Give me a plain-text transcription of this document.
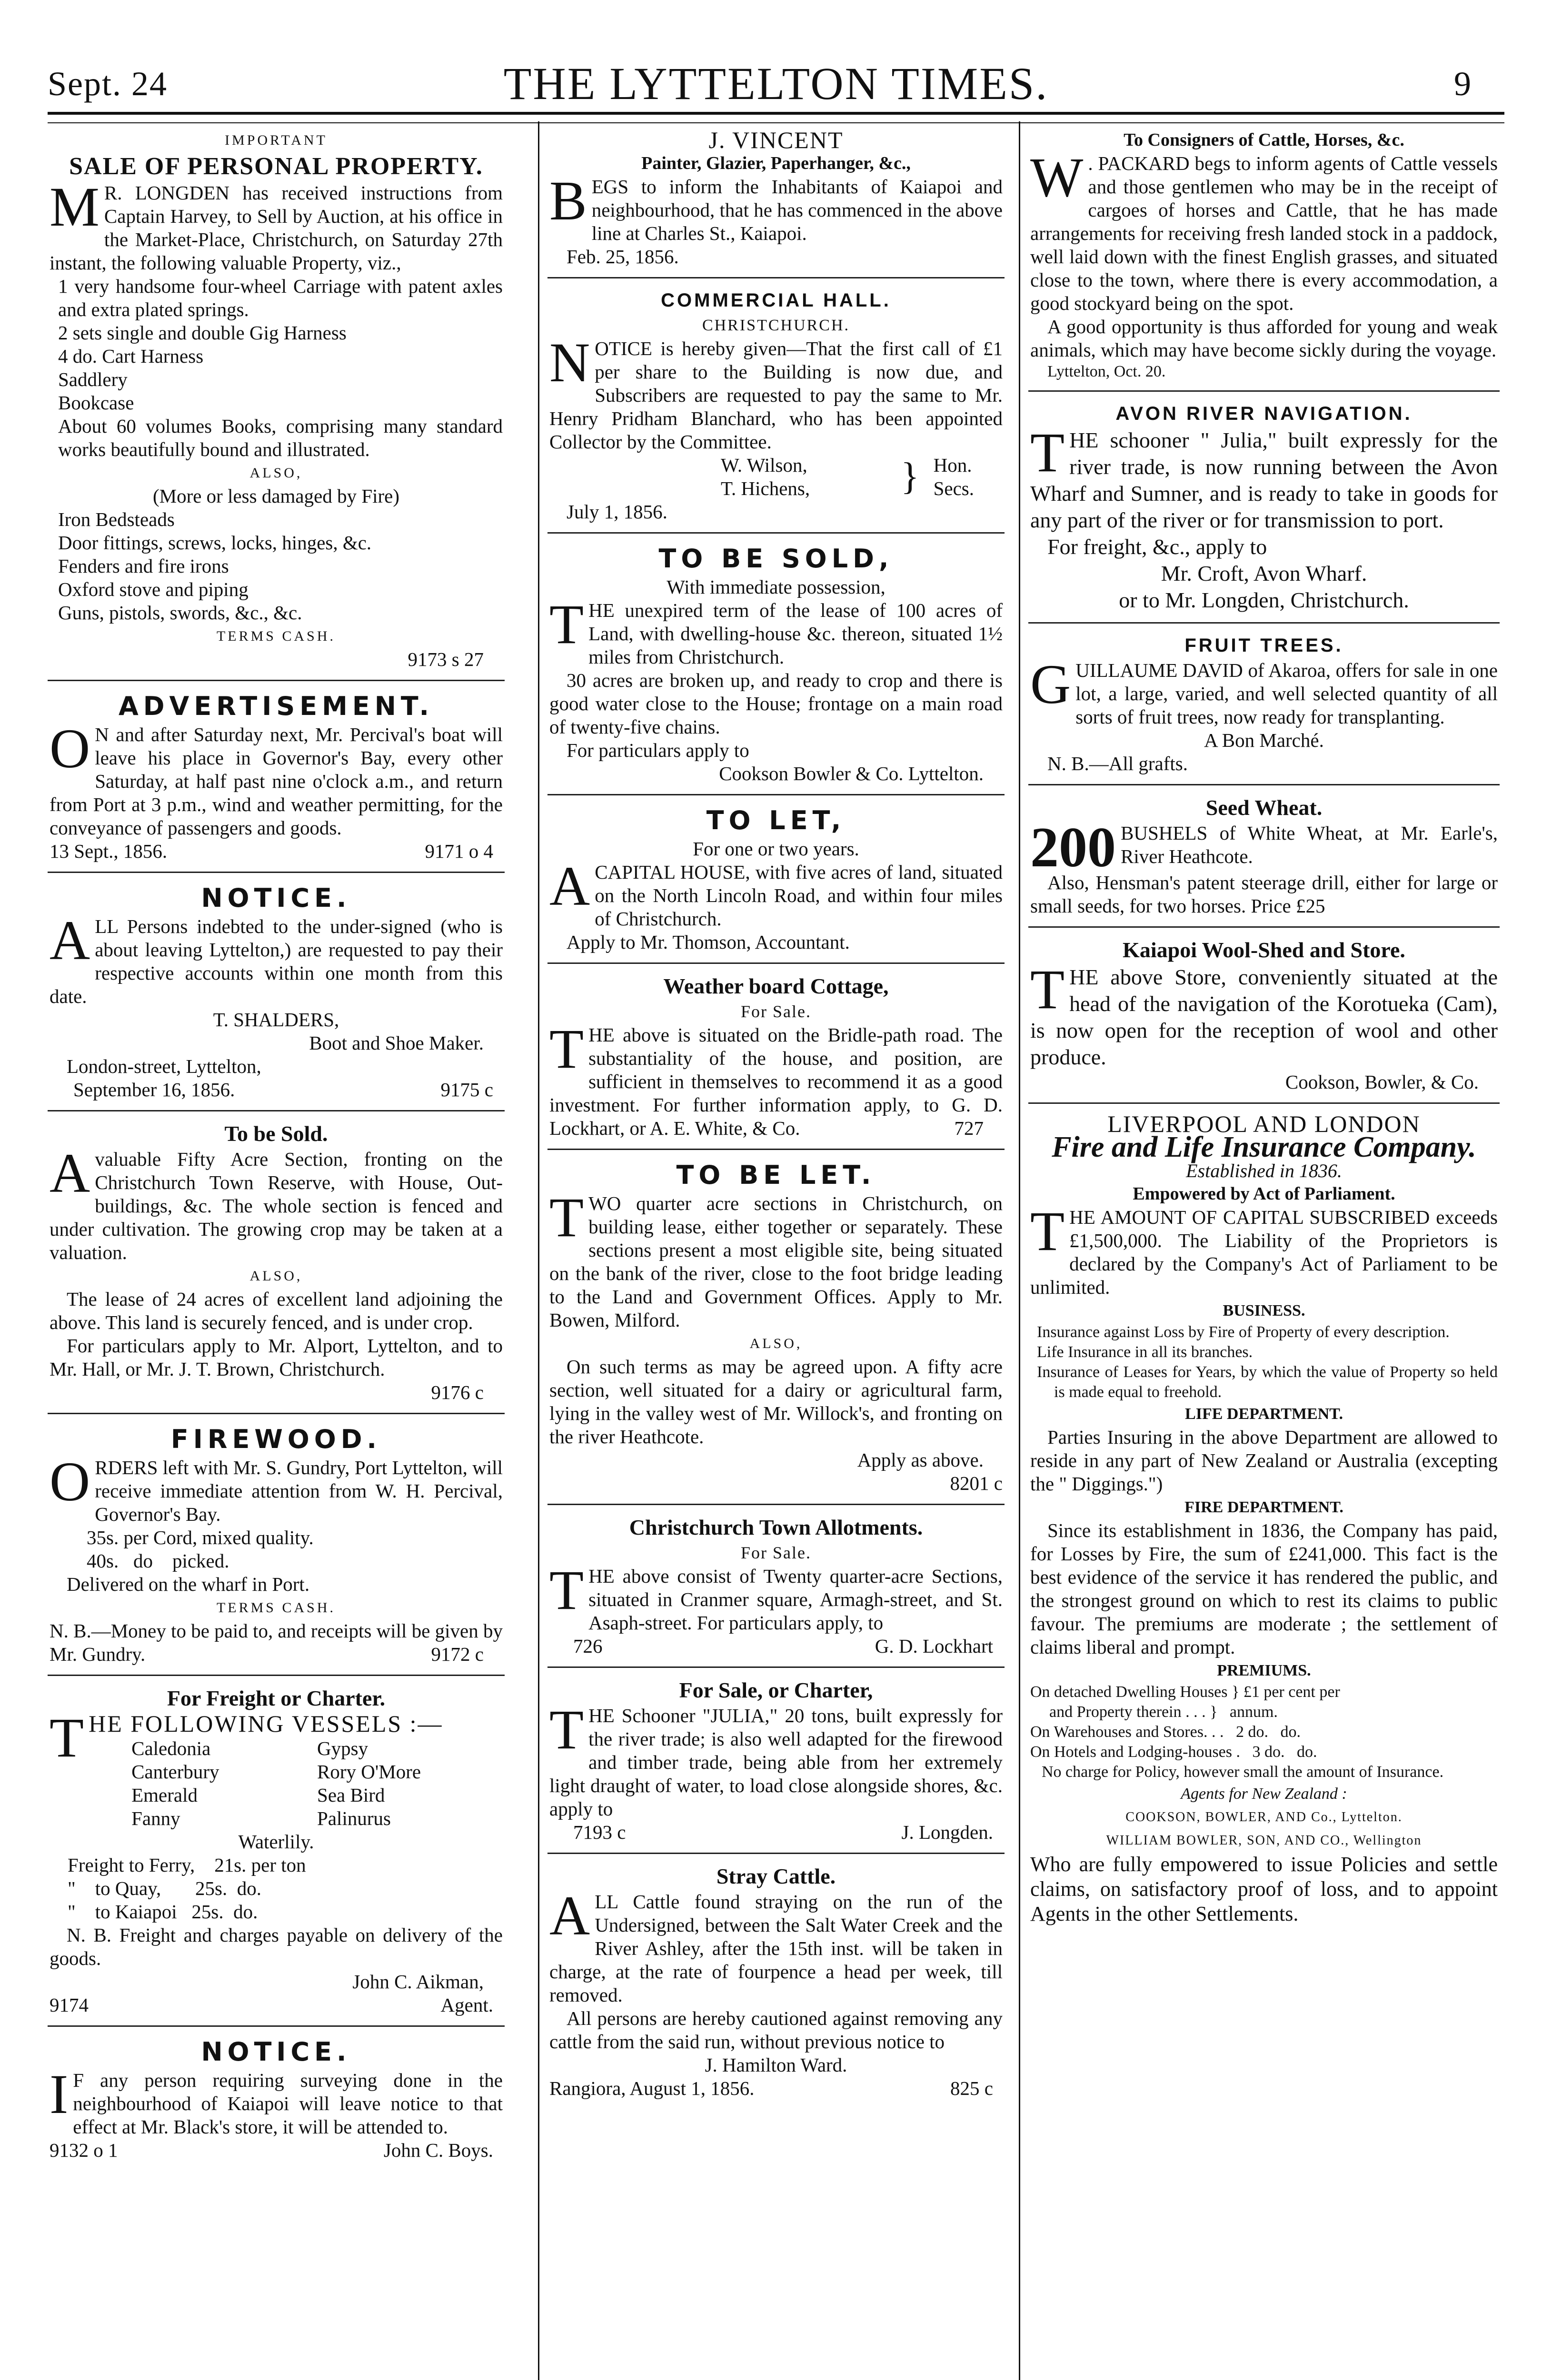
Sept. 24	THE LYTTELTON TIMES.	9

IMPORTANT

SALE OF PERSONAL PROPERTY.

M R. LONGDEN has received instructions from Captain Harvey, to Sell by Auction, at his office in the Market-Place, Christchurch, on Saturday 27th instant, the following valuable Property, viz.,

1 very handsome four-wheel Carriage with patent axles and extra plated springs.

2 sets single and double Gig Harness

4 do. Cart Harness

Saddlery

Bookcase

About 60 volumes Books, comprising many standard works beautifully bound and illustrated.

ALSO,

(More or less damaged by Fire)

Iron Bedsteads

Door fittings, screws, locks, hinges, &c.

Fenders and fire irons

Oxford stove and piping

Guns, pistols, swords, &c., &c.

TERMS CASH.

9173 s 27

ADVERTISEMENT.

O N and after Saturday next, Mr. Percival's boat will leave his place in Governor's Bay, every other Saturday, at half past nine o'clock a.m., and return from Port at 3 p.m., wind and weather permitting, for the conveyance of passengers and goods.

13 Sept., 1856.	9171 o 4

NOTICE.

ALL Persons indebted to the under-signed (who is about leaving Lyttelton,) are requested to pay their respective accounts within one month from this date.

T. SHALDERS,

Boot and Shoe Maker.

London-street, Lyttelton,

September 16, 1856.	9175 c

To be Sold.

Avaluable Fifty Acre Section, fronting on the Christchurch Town Reserve, with House, Out-buildings, &c. The whole section is fenced and under cultivation. The growing crop may be taken at a valuation.

ALSO,

The lease of 24 acres of excellent land adjoining the above. This land is securely fenced, and is under crop.

For particulars apply to Mr. Alport, Lyttelton, and to Mr. Hall, or Mr. J. T. Brown, Christchurch.

9176 c

FIREWOOD.

ORDERS left with Mr. S. Gundry, Port Lyttelton, will receive immediate attention from W. H. Percival, Governor's Bay.

35s. per Cord, mixed quality.

40s.   do    picked.

Delivered on the wharf in Port.

TERMS CASH.

N. B.—Money to be paid to, and receipts will be given by Mr. Gundry.	9172 c

For Freight or Charter.

THE FOLLOWING VESSELS :—

Caledonia	Gypsy
Canterbury	Rory O'More
Emerald	Sea Bird
Fanny	Palinurus

Waterlily.

Freight to Ferry,    21s. per ton

"    to Quay,       25s.  do.

"    to Kaiapoi   25s.  do.

N. B. Freight and charges payable on delivery of the goods.

John C. Aikman,

9174	Agent.

NOTICE.

I F any person requiring surveying done in the neighbourhood of Kaiapoi will leave notice to that effect at Mr. Black's store, it will be attended to.

9132 o 1	John C. Boys.

J. VINCENT

Painter, Glazier, Paperhanger, &c.,

BEGS to inform the Inhabitants of Kaiapoi and neighbourhood, that he has commenced in the above line at Charles St., Kaiapoi.

Feb. 25, 1856.

COMMERCIAL HALL.

CHRISTCHURCH.

NOTICE is hereby given—That the first call of £1 per share to the Building is now due, and Subscribers are requested to pay the same to Mr. Henry Pridham Blanchard, who has been appointed Collector by the Committee.

W. Wilson,	} Hon.
T. Hichens,	Secs.

July 1, 1856.

TO BE SOLD,

With immediate possession,

THE unexpired term of the lease of 100 acres of Land, with dwelling-house &c. thereon, situated 1½ miles from Christchurch.

30 acres are broken up, and ready to crop and there is good water close to the House; frontage on a main road of twenty-five chains.

For particulars apply to

Cookson Bowler & Co. Lyttelton.

TO LET,

For one or two years.

ACAPITAL HOUSE, with five acres of land, situated on the North Lincoln Road, and within four miles of Christchurch.

Apply to Mr. Thomson, Accountant.

Weather board Cottage,

For Sale.

THE above is situated on the Bridle-path road. The substantiality of the house, and position, are sufficient in themselves to recommend it as a good investment. For further information apply, to G. D. Lockhart, or A. E. White, & Co.	727

TO BE LET.

TWO quarter acre sections in Christchurch, on building lease, either together or separately. These sections present a most eligible site, being situated on the bank of the river, close to the foot bridge leading to the Land and Government Offices. Apply to Mr. Bowen, Milford.

ALSO,

On such terms as may be agreed upon. A fifty acre section, well situated for a dairy or agricultural farm, lying in the valley west of Mr. Willock's, and fronting on the river Heathcote.

Apply as above.

8201 c

Christchurch Town Allotments.

For Sale.

THE above consist of Twenty quarter-acre Sections, situated in Cranmer square, Armagh-street, and St. Asaph-street. For particulars apply, to

726	G. D. Lockhart

For Sale, or Charter,

THE Schooner "JULIA," 20 tons, built expressly for the river trade; is also well adapted for the firewood and timber trade, being able from her extremely light draught of water, to load close alongside shores, &c. apply to

7193 c	J. Longden.

Stray Cattle.

ALL Cattle found straying on the run of the Undersigned, between the Salt Water Creek and the River Ashley, after the 15th inst. will be taken in charge, at the rate of fourpence a head per week, till removed.

All persons are hereby cautioned against removing any cattle from the said run, without previous notice to

J. Hamilton Ward.

Rangiora, August 1, 1856.	825 c

To Consigners of Cattle, Horses, &c.

W . PACKARD begs to inform agents of Cattle vessels and those gentlemen who may be in the receipt of cargoes of horses and Cattle, that he has made arrangements for receiving fresh landed stock in a paddock, well laid down with the finest English grasses, and situated close to the town, where there is every accommodation, a good stockyard being on the spot.

A good opportunity is thus afforded for young and weak animals, which may have become sickly during the voyage.

Lyttelton, Oct. 20.

AVON RIVER NAVIGATION.

THE schooner " Julia," built expressly for the river trade, is now running between the Avon Wharf and Sumner, and is ready to take in goods for any part of the river or for transmission to port.

For freight, &c., apply to

Mr. Croft, Avon Wharf.

or to Mr. Longden, Christchurch.

FRUIT TREES.

GUILLAUME DAVID of Akaroa, offers for sale in one lot, a large, varied, and well selected quantity of all sorts of fruit trees, now ready for transplanting.

A Bon Marché.

N. B.—All grafts.

Seed Wheat.

200 BUSHELS of White Wheat, at Mr. Earle's, River Heathcote.

Also, Hensman's patent steerage drill, either for large or small seeds, for two horses. Price £25

Kaiapoi Wool-Shed and Store.

THE above Store, conveniently situated at the head of the navigation of the Korotueka (Cam), is now open for the reception of wool and other produce.

Cookson, Bowler, & Co.

LIVERPOOL AND LONDON

Fire and Life Insurance Company.

Established in 1836.

Empowered by Act of Parliament.

THE AMOUNT OF CAPITAL SUBSCRIBED exceeds £1,500,000. The Liability of the Proprietors is declared by the Company's Act of Parliament to be unlimited.

BUSINESS.

Insurance against Loss by Fire of Property of every description.

Life Insurance in all its branches.

Insurance of Leases for Years, by which the value of Property so held is made equal to freehold.

LIFE DEPARTMENT.

Parties Insuring in the above Department are allowed to reside in any part of New Zealand or Australia (excepting the " Diggings.")

FIRE DEPARTMENT.

Since its establishment in 1836, the Company has paid, for Losses by Fire, the sum of £241,000. This fact is the best evidence of the service it has rendered the public, and the strongest ground on which to rest its claims to public favour. The premiums are moderate ; the settlement of claims liberal and prompt.

PREMIUMS.

On detached Dwelling Houses } £1 per cent per

and Property therein . . . }   annum.

On Warehouses and Stores. . .   2 do.   do.

On Hotels and Lodging-houses .   3 do.   do.

No charge for Policy, however small the amount of Insurance.

Agents for New Zealand :

COOKSON, BOWLER, AND Co., Lyttelton.

WILLIAM BOWLER, SON, AND CO., Wellington

Who are fully empowered to issue Policies and settle claims, on satisfactory proof of loss, and to appoint Agents in the other Settlements.
